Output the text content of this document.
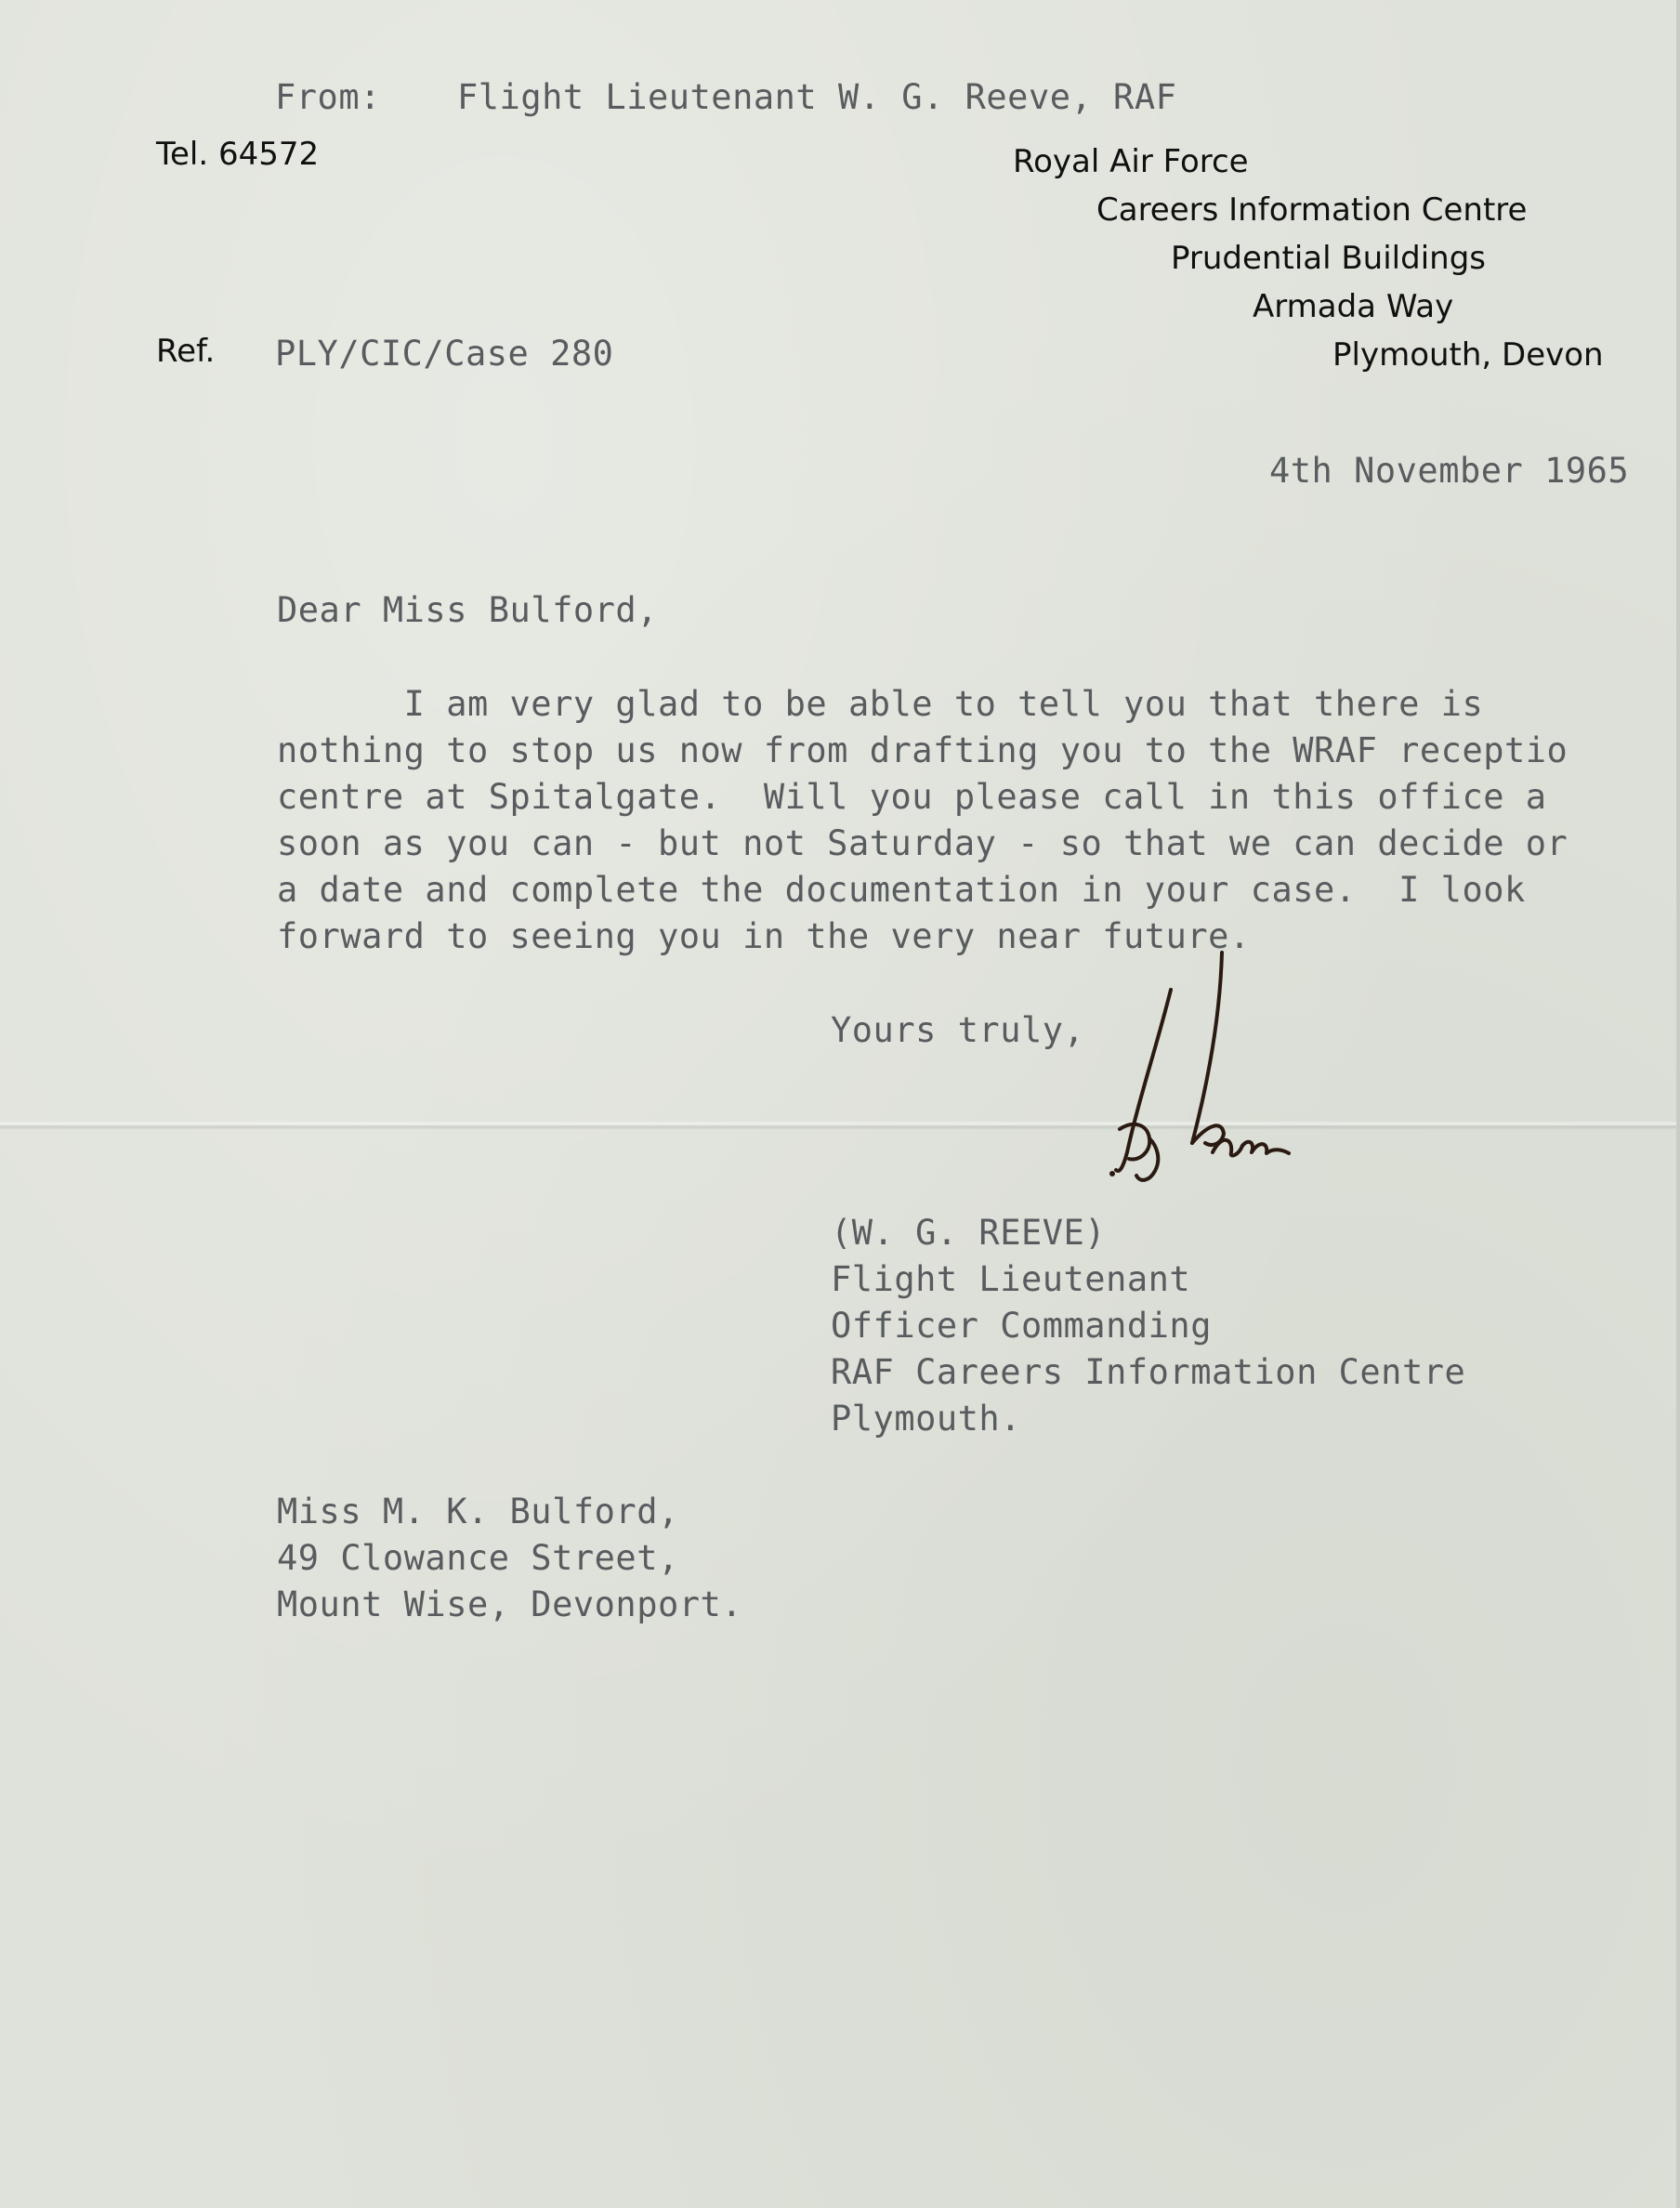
From: Flight Lieutenant W. G. Reeve, RAF

Tel. 64572	Royal Air Force

Careers Information Centre

Prudential Buildings

Armada Way

Plymouth, Devon

Ref. PLY/CIC/Case 280

4th November 1965

Dear Miss Bulford,

I am very glad to be able to tell you that there is

nothing to stop us now from drafting you to the WRAF receptio

centre at Spitalgate.  Will you please call in this office a

soon as you can - but not Saturday - so that we can decide or

a date and complete the documentation in your case.  I look

forward to seeing you in the very near future.

Yours truly,

(W. G. REEVE)

Flight Lieutenant

Officer Commanding

RAF Careers Information Centre

Plymouth.

Miss M. K. Bulford,

49 Clowance Street,

Mount Wise, Devonport.
